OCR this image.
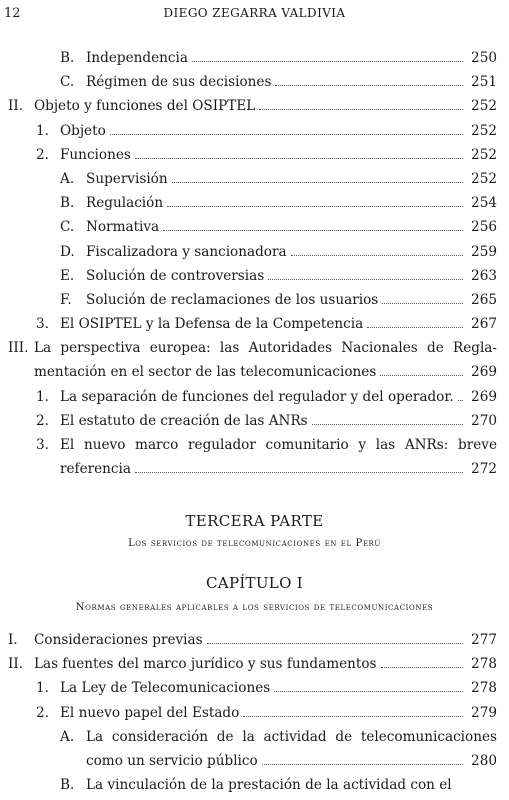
12	DIEGO ZEGARRA VALDIVIA
B. Independencia	250
C. Régimen de sus decisiones	251
II. Objeto y funciones del OSIPTEL	252
1. Objeto	252
2. Funciones	252
A. Supervisión	252
B. Regulación	254
C. Normativa	256
D. Fiscalizadora y sancionadora	259
E. Solución de controversias	263
F. Solución de reclamaciones de los usuarios	265
3. El OSIPTEL y la Defensa de la Competencia	267
III. La perspectiva europea: las Autoridades Nacionales de Regla-
mentación en el sector de las telecomunicaciones	269
1. La separación de funciones del regulador y del operador. 269
2. El estatuto de creación de las ANRs	270
3. El nuevo marco regulador comunitario y las ANRs: breve
referencia	272
TERCERA PARTE
Los servicios de telecomunicaciones en el Perú
CAPÍTULO I
Normas generales aplicables a los servicios de telecomunicaciones
I. Consideraciones previas	277
II. Las fuentes del marco jurídico y sus fundamentos	278
1. La Ley de Telecomunicaciones	278
2. El nuevo papel del Estado	279
A. La consideración de la actividad de telecomunicaciones
como un servicio público	280
B. La vinculación de la prestación de la actividad con el
